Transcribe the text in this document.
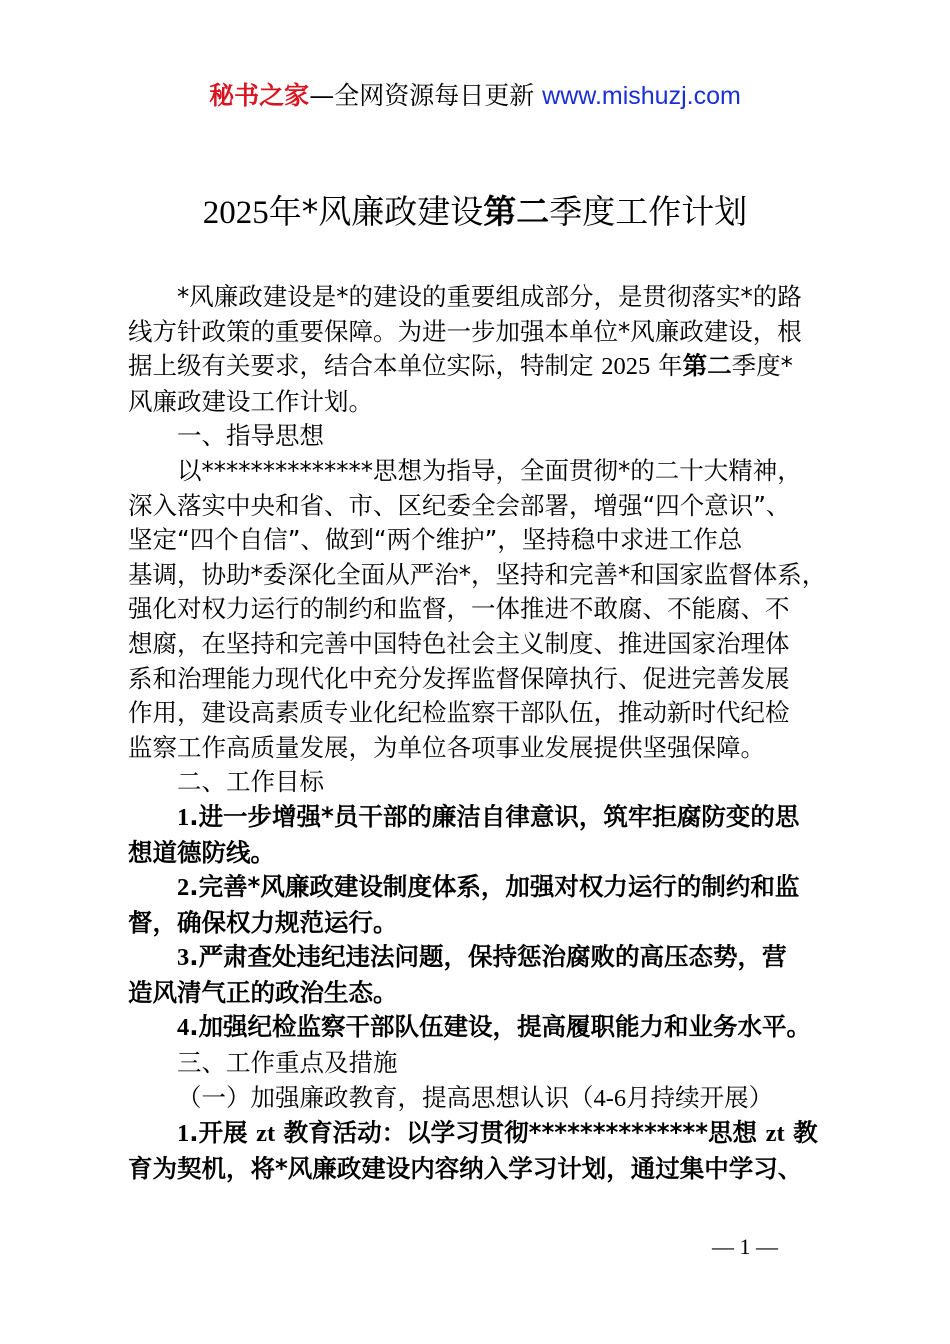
秘书之家—全网资源每日更新 www.mishuzj.com
2025年*风廉政建设第二季度工作计划

*风廉政建设是*的建设的重要组成部分，是贯彻落实*的路
线方针政策的重要保障。为进一步加强本单位*风廉政建设，根
据上级有关要求，结合本单位实际，特制定 2025 年第二季度*
风廉政建设工作计划。

一、指导思想

以**************思想为指导，全面贯彻*的二十大精神，
深入落实中央和省、市、区纪委全会部署，增强“四个意识”、
坚定“四个自信”、做到“两个维护”，坚持稳中求进工作总
基调，协助*委深化全面从严治*，坚持和完善*和国家监督体系，
强化对权力运行的制约和监督，一体推进不敢腐、不能腐、不
想腐，在坚持和完善中国特色社会主义制度、推进国家治理体
系和治理能力现代化中充分发挥监督保障执行、促进完善发展
作用，建设高素质专业化纪检监察干部队伍，推动新时代纪检
监察工作高质量发展，为单位各项事业发展提供坚强保障。

二、工作目标

1.进一步增强*员干部的廉洁自律意识，筑牢拒腐防变的思
想道德防线。

2.完善*风廉政建设制度体系，加强对权力运行的制约和监
督，确保权力规范运行。

3.严肃查处违纪违法问题，保持惩治腐败的高压态势，营
造风清气正的政治生态。

4.加强纪检监察干部队伍建设，提高履职能力和业务水平。

三、工作重点及措施

（一）加强廉政教育，提高思想认识（4-6月持续开展）

1.开展 zt 教育活动：以学习贯彻**************思想 zt 教
育为契机，将*风廉政建设内容纳入学习计划，通过集中学习、

— 1 —
